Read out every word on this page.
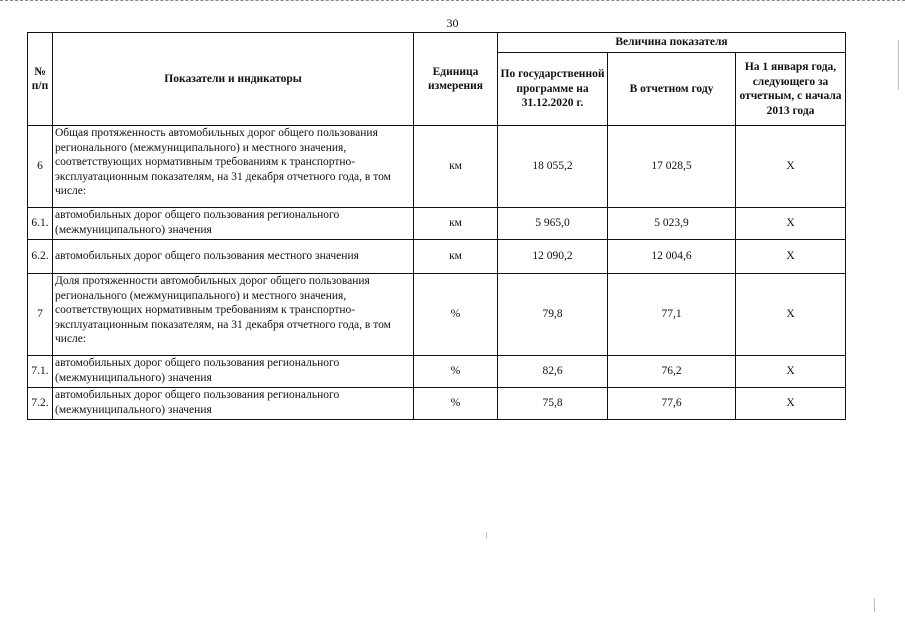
30
№ п/п	Показатели и индикаторы	Единица измерения	Величина показателя		
			По государственной программе на 31.12.2020 г.	В отчетном году	На 1 января года, следующего за отчетным, с начала 2013 года
6	Общая протяженность автомобильных дорог общего пользования регионального (межмуниципального) и местного значения, соответствующих нормативным требованиям к транспортно-эксплуатационным показателям, на 31 декабря отчетного года, в том числе:	км	18 055,2	17 028,5	Х
6.1.	автомобильных дорог общего пользования регионального (межмуниципального) значения	км	5 965,0	5 023,9	Х
6.2.	автомобильных дорог общего пользования местного значения	км	12 090,2	12 004,6	Х
7	Доля протяженности автомобильных дорог общего пользования регионального (межмуниципального) и местного значения, соответствующих нормативным требованиям к транспортно-эксплуатационным показателям, на 31 декабря отчетного года, в том числе:	%	79,8	77,1	Х
7.1.	автомобильных дорог общего пользования регионального (межмуниципального) значения	%	82,6	76,2	Х
7.2.	автомобильных дорог общего пользования регионального (межмуниципального) значения	%	75,8	77,6	Х
